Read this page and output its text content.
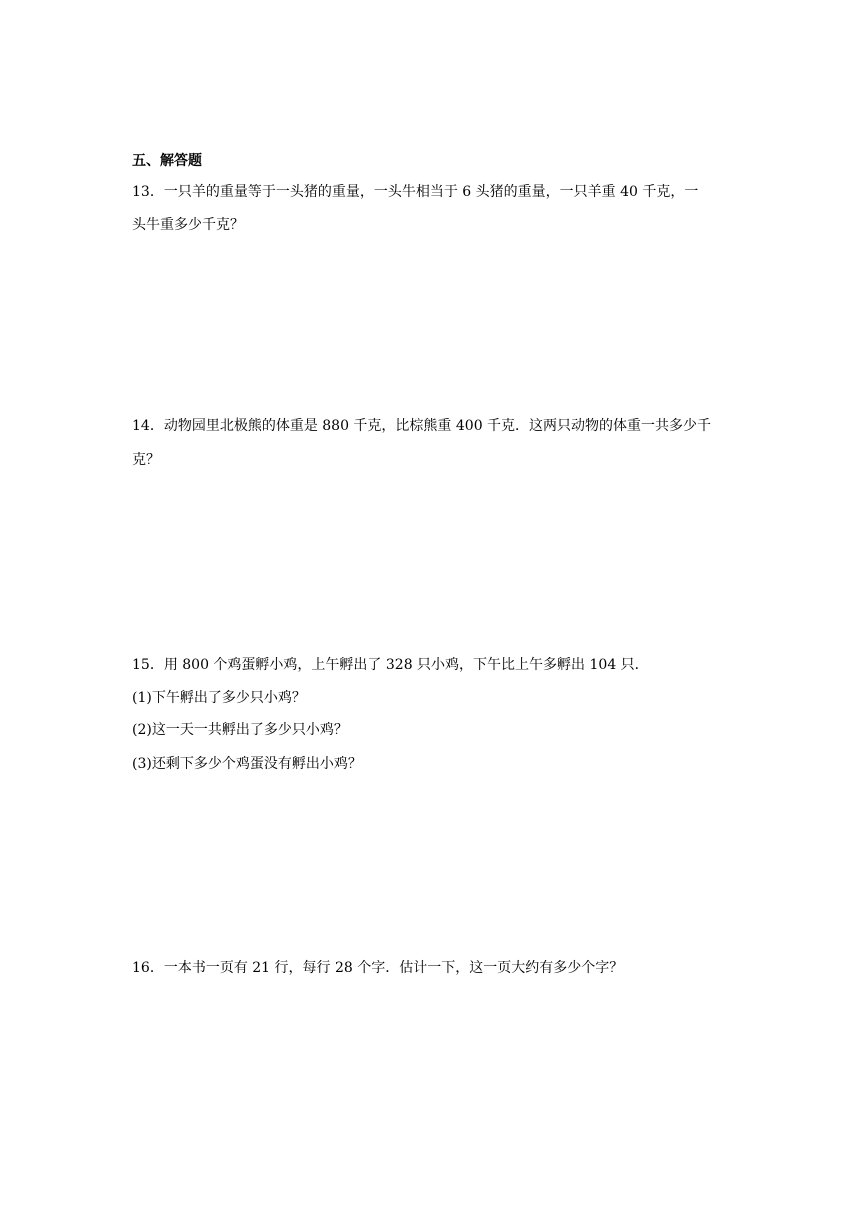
五、解答题
13．一只羊的重量等于一头猪的重量，一头牛相当于 6 头猪的重量，一只羊重 40 千克，一
头牛重多少千克？
14．动物园里北极熊的体重是 880 千克，比棕熊重 400 千克．这两只动物的体重一共多少千
克？
15．用 800 个鸡蛋孵小鸡，上午孵出了 328 只小鸡，下午比上午多孵出 104 只．
(1)下午孵出了多少只小鸡？
(2)这一天一共孵出了多少只小鸡？
(3)还剩下多少个鸡蛋没有孵出小鸡？
16．一本书一页有 21 行，每行 28 个字．估计一下，这一页大约有多少个字？
